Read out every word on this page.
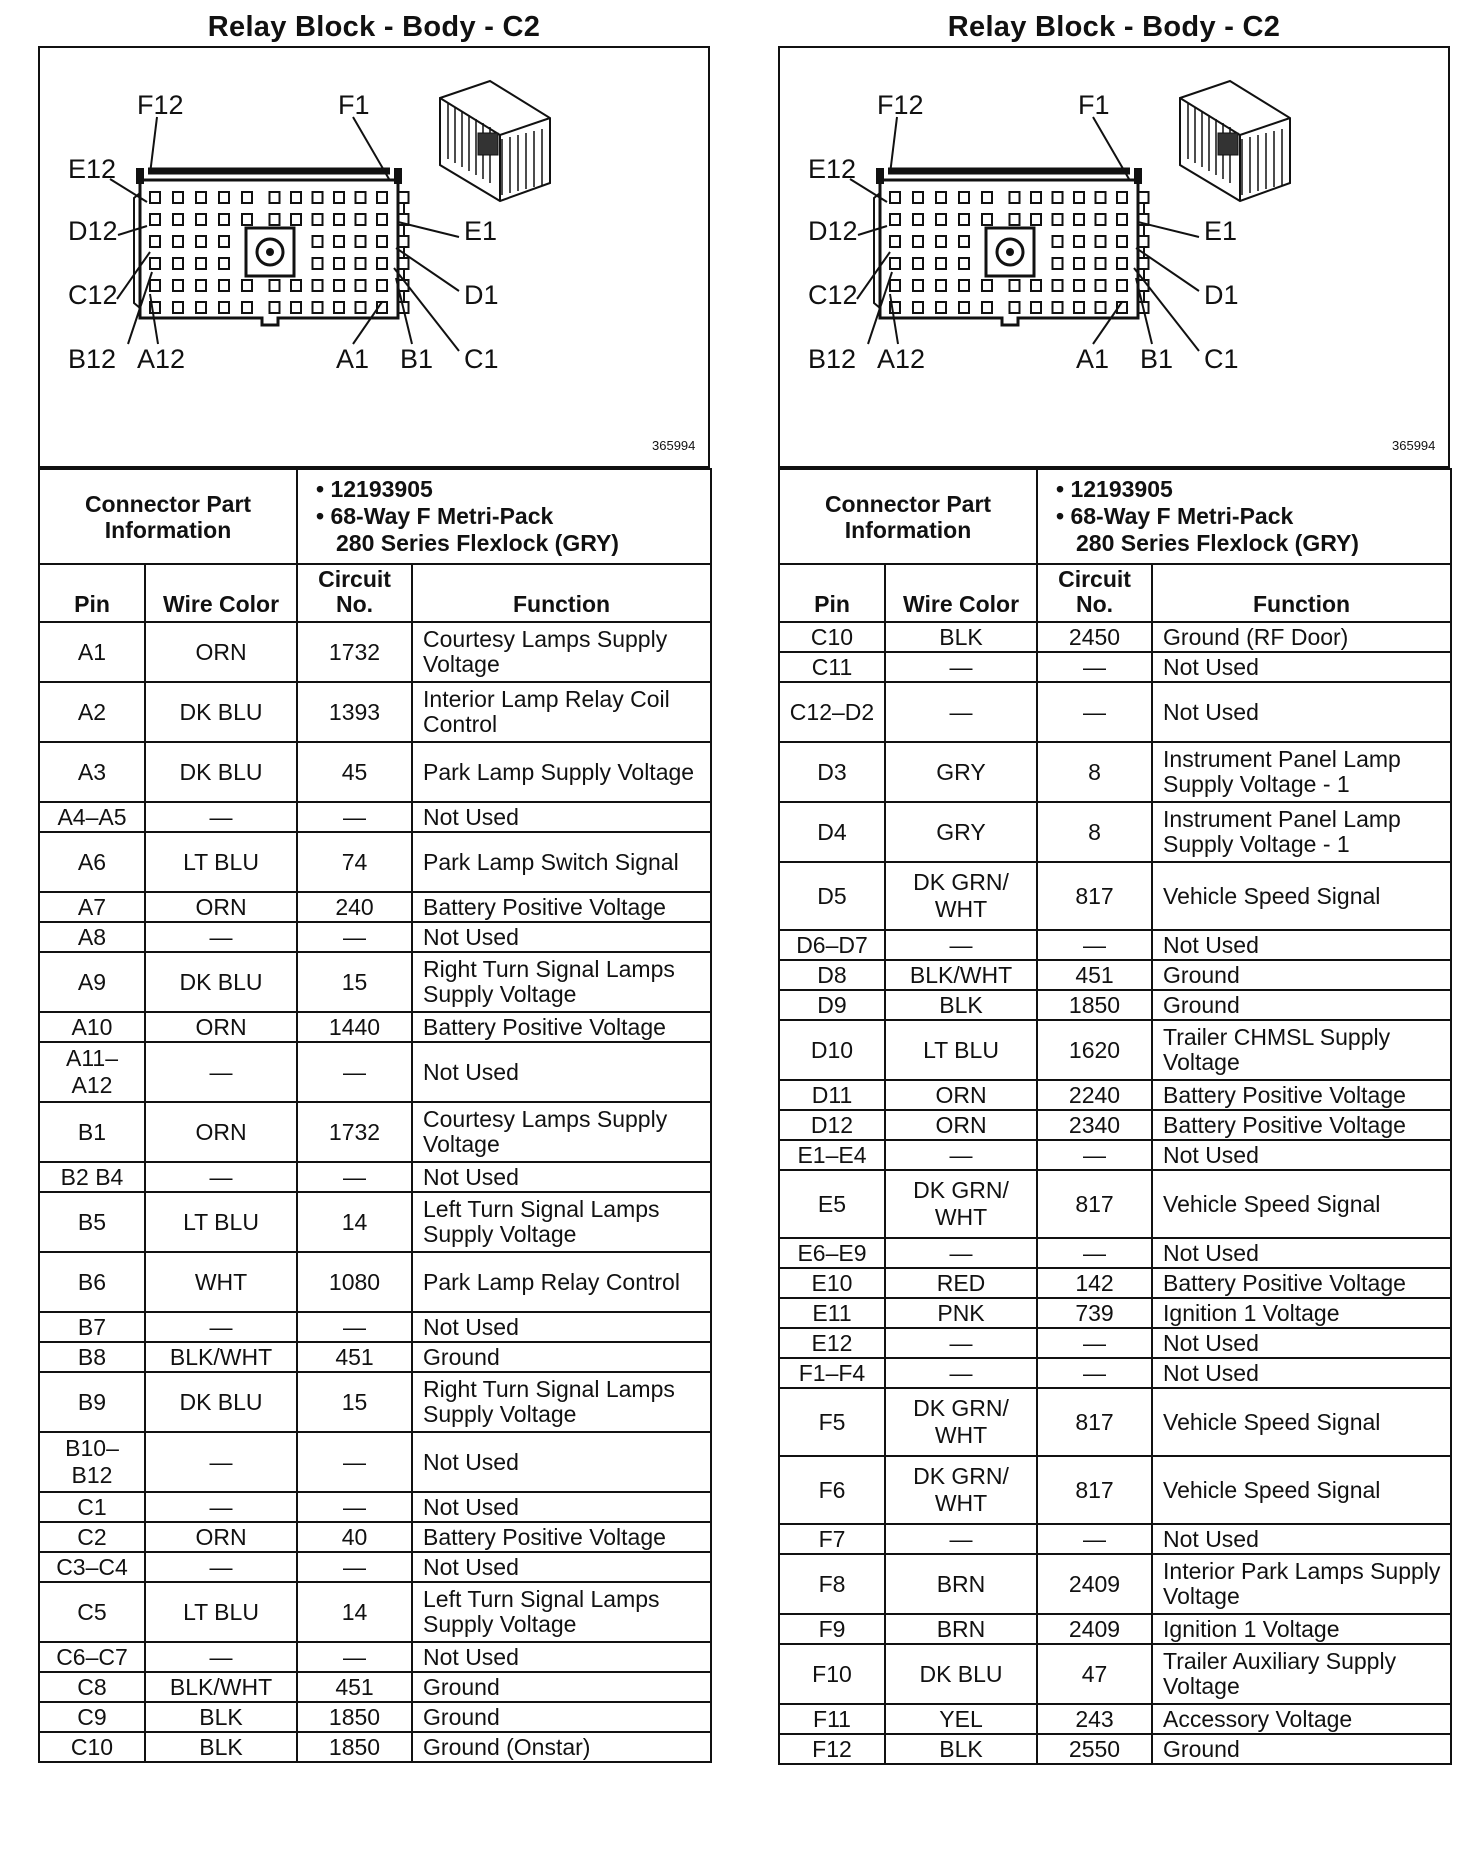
Relay Block - Body - C2
F12	F1
E12
E1
D12
D1
C12
C1
B12 A12	A1 B1
365994
Connector Part Information		• 12193905
• 68-Way F Metri-Pack
280 Series Flexlock (GRY)	

Pin	Wire Color	Circuit No.	Function
A1	ORN	1732	Courtesy Lamps Supply Voltage
A2	DK BLU	1393	Interior Lamp Relay Coil Control
A3	DK BLU	45	Park Lamp Supply Voltage
A4–A5	—	—	Not Used
A6	LT BLU	74	Park Lamp Switch Signal
A7	ORN	240	Battery Positive Voltage
A8	—	—	Not Used
A9	DK BLU	15	Right Turn Signal Lamps Supply Voltage
A10	ORN	1440	Battery Positive Voltage
A11–A12	—	—	Not Used
B1	ORN	1732	Courtesy Lamps Supply Voltage
B2 B4	—	—	Not Used
B5	LT BLU	14	Left Turn Signal Lamps Supply Voltage
B6	WHT	1080	Park Lamp Relay Control
B7	—	—	Not Used
B8	BLK/WHT	451	Ground
B9	DK BLU	15	Right Turn Signal Lamps Supply Voltage
B10–B12	—	—	Not Used
C1	—	—	Not Used
C2	ORN	40	Battery Positive Voltage
C3–C4	—	—	Not Used
C5	LT BLU	14	Left Turn Signal Lamps Supply Voltage
C6–C7	—	—	Not Used
C8	BLK/WHT	451	Ground
C9	BLK	1850	Ground
C10	BLK	1850	Ground (Onstar)
Relay Block - Body - C2
F12	F1
E12
E1
D12
D1
C12
C1
B12 A12	A1 B1
365994
Connector Part Information		• 12193905
• 68-Way F Metri-Pack
280 Series Flexlock (GRY)	

Pin	Wire Color	Circuit No.	Function
C10	BLK	2450	Ground (RF Door)
C11	—	—	Not Used
C12–D2	—	—	Not Used
D3	GRY	8	Instrument Panel Lamp Supply Voltage - 1
D4	GRY	8	Instrument Panel Lamp Supply Voltage - 1
D5	DK GRN/ WHT	817	Vehicle Speed Signal
D6–D7	—	—	Not Used
D8	BLK/WHT	451	Ground
D9	BLK	1850	Ground
D10	LT BLU	1620	Trailer CHMSL Supply Voltage
D11	ORN	2240	Battery Positive Voltage
D12	ORN	2340	Battery Positive Voltage
E1–E4	—	—	Not Used
E5	DK GRN/ WHT	817	Vehicle Speed Signal
E6–E9	—	—	Not Used
E10	RED	142	Battery Positive Voltage
E11	PNK	739	Ignition 1 Voltage
E12	—	—	Not Used
F1–F4	—	—	Not Used
F5	DK GRN/ WHT	817	Vehicle Speed Signal
F6	DK GRN/ WHT	817	Vehicle Speed Signal
F7	—	—	Not Used
F8	BRN	2409	Interior Park Lamps Supply Voltage
F9	BRN	2409	Ignition 1 Voltage
F10	DK BLU	47	Trailer Auxiliary Supply Voltage
F11	YEL	243	Accessory Voltage
F12	BLK	2550	Ground
